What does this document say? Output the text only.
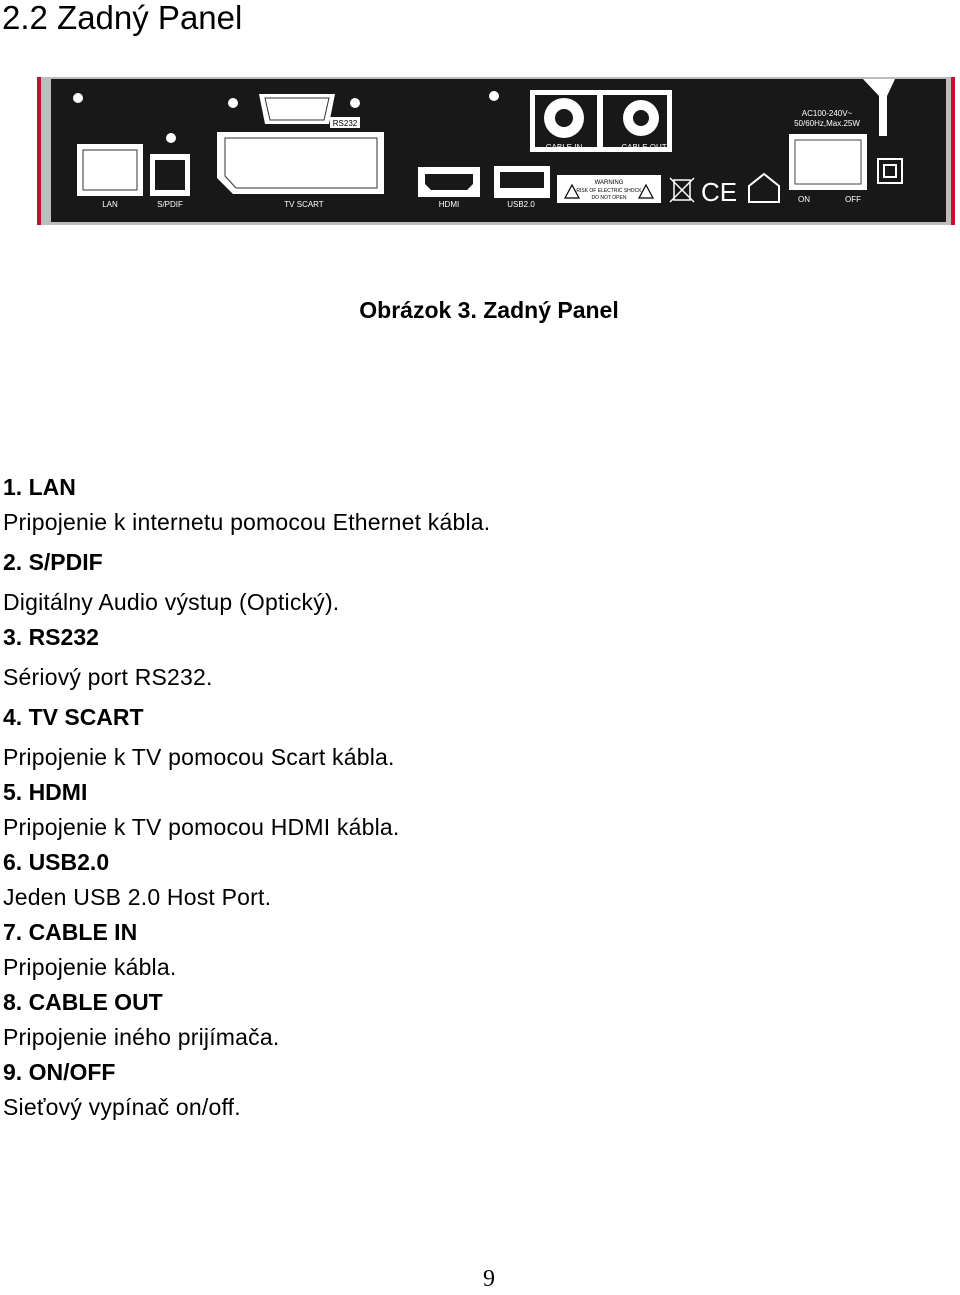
2.2 Zadný Panel
LAN	S/PDIF
RS232
TV SCART	HDMI	USB2.0
CABLE IN	CABLE OUT
WARNING
RISK OF ELECTRIC SHOCK
DO NOT OPEN	CE
AC100-240V~
50/60Hz,Max.25W
ON	OFF
Obrázok 3. Zadný Panel
1. LAN
Pripojenie k internetu pomocou Ethernet kábla.
2. S/PDIF
Digitálny Audio výstup (Optický).
3. RS232
Sériový port RS232.
4. TV SCART
Pripojenie k TV pomocou Scart kábla.
5. HDMI
Pripojenie k TV pomocou HDMI kábla.
6. USB2.0
Jeden USB 2.0 Host Port.
7. CABLE IN
Pripojenie kábla.
8. CABLE OUT
Pripojenie iného prijímača.
9. ON/OFF
Sieťový vypínač on/off.
9
